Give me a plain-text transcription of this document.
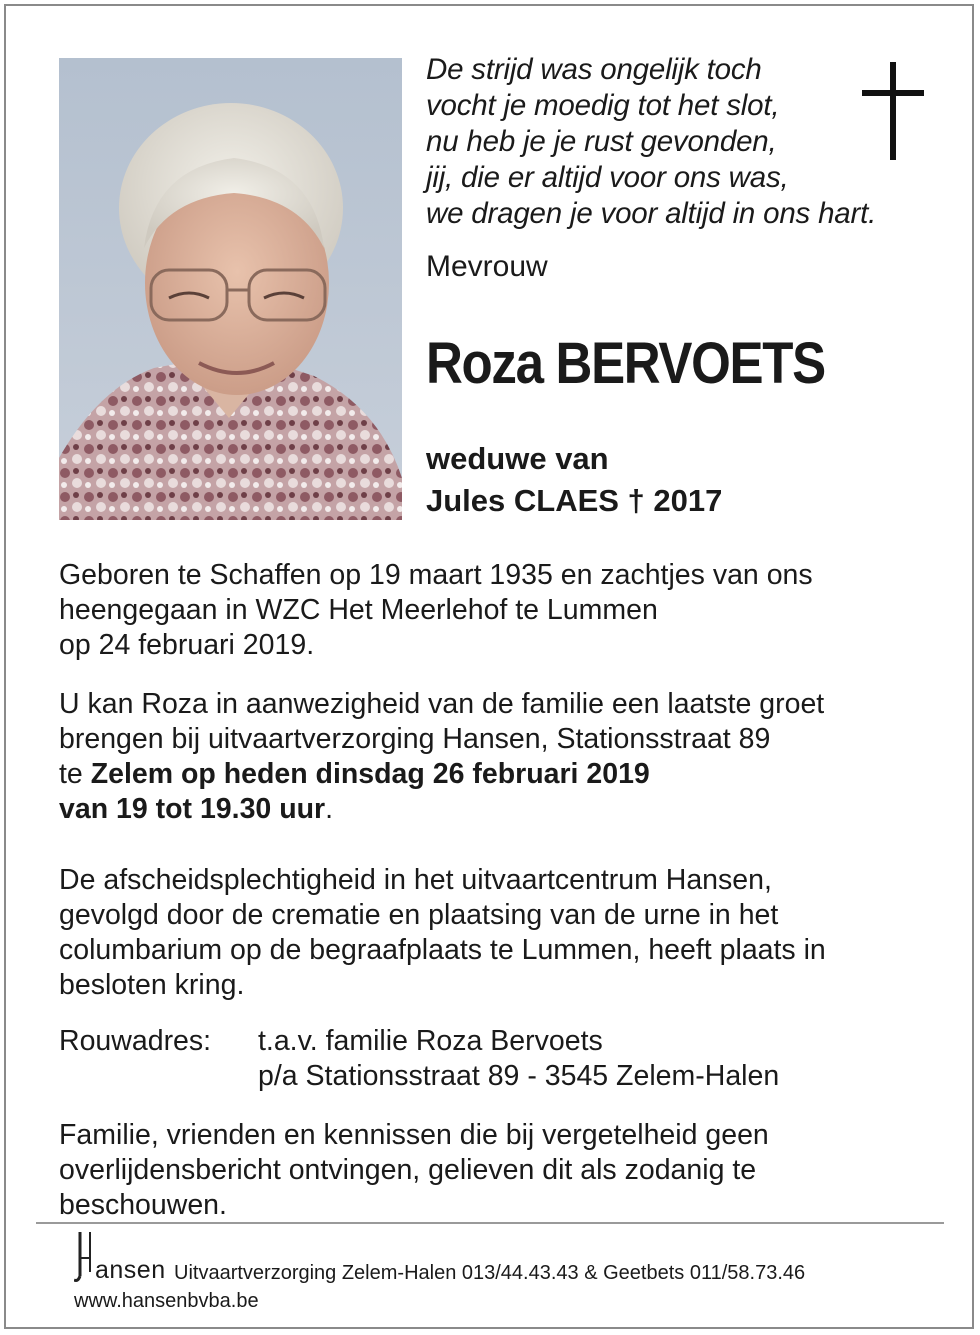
De strijd was ongelijk toch
vocht je moedig tot het slot,
nu heb je je rust gevonden,
jij, die er altijd voor ons was,
we dragen je voor altijd in ons hart.
Mevrouw
Roza BERVOETS
weduwe van
Jules CLAES † 2017
Geboren te Schaffen op 19 maart 1935 en zachtjes van ons
heengegaan in WZC Het Meerlehof te Lummen
op 24 februari 2019.
U kan Roza in aanwezigheid van de familie een laatste groet
brengen bij uitvaartverzorging Hansen, Stationsstraat 89
te Zelem op heden dinsdag 26 februari 2019
van 19 tot 19.30 uur.
De afscheidsplechtigheid in het uitvaartcentrum Hansen,
gevolgd door de crematie en plaatsing van de urne in het
columbarium op de begraafplaats te Lummen, heeft plaats in
besloten kring.
Rouwadres: t.a.v. familie Roza Bervoets
p/a Stationsstraat 89 - 3545 Zelem-Halen
Familie, vrienden en kennissen die bij vergetelheid geen
overlijdensbericht ontvingen, gelieven dit als zodanig te
beschouwen.
ansen Uitvaartverzorging Zelem-Halen 013/44.43.43 & Geetbets 011/58.73.46
www.hansenbvba.be
